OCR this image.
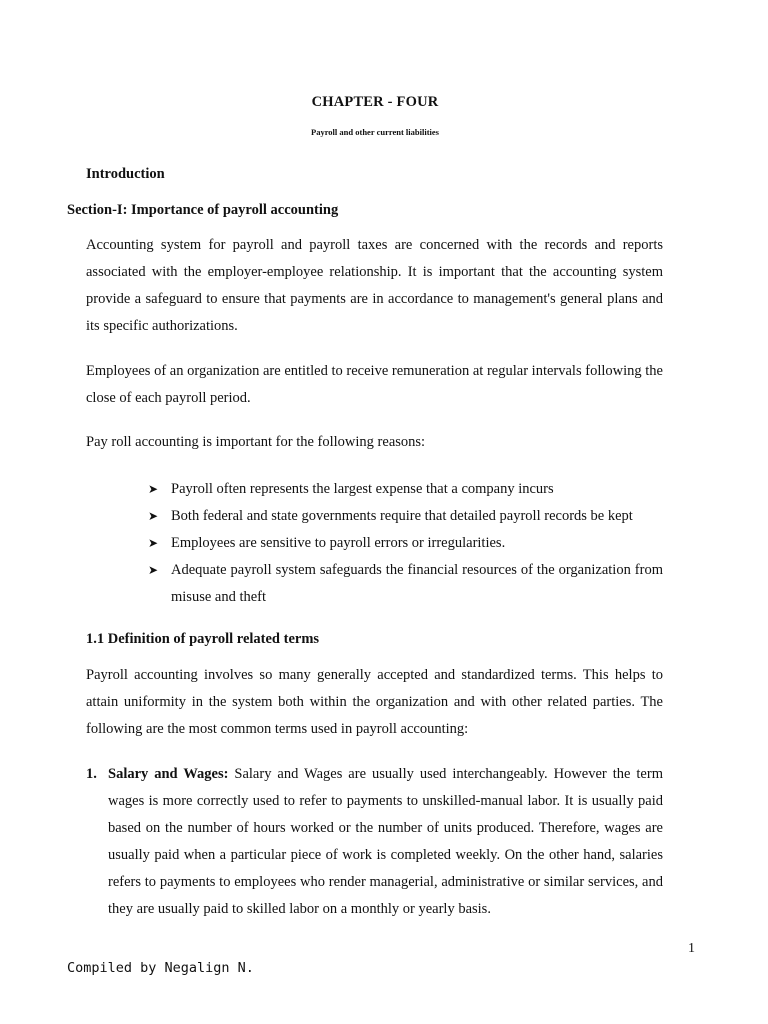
CHAPTER - FOUR
Payroll and other current liabilities
Introduction
Section-I: Importance of payroll accounting

Accounting system for payroll and payroll taxes are concerned with the records and reports associated with the employer-employee relationship. It is important that the accounting system provide a safeguard to ensure that payments are in accordance to management's general plans and its specific authorizations.

Employees of an organization are entitled to receive remuneration at regular intervals following the close of each payroll period.

Pay roll accounting is important for the following reasons:

➤ Payroll often represents the largest expense that a company incurs
➤ Both federal and state governments require that detailed payroll records be kept
➤ Employees are sensitive to payroll errors or irregularities.
➤ Adequate payroll system safeguards the financial resources of the organization from misuse and theft
1.1 Definition of payroll related terms

Payroll accounting involves so many generally accepted and standardized terms. This helps to attain uniformity in the system both within the organization and with other related parties. The following are the most common terms used in payroll accounting:

1. Salary and Wages: Salary and Wages are usually used interchangeably. However the term wages is more correctly used to refer to payments to unskilled-manual labor. It is usually paid based on the number of hours worked or the number of units produced. Therefore, wages are usually paid when a particular piece of work is completed weekly. On the other hand, salaries refers to payments to employees who render managerial, administrative or similar services, and they are usually paid to skilled labor on a monthly or yearly basis.
1
Compiled by Negalign N.
